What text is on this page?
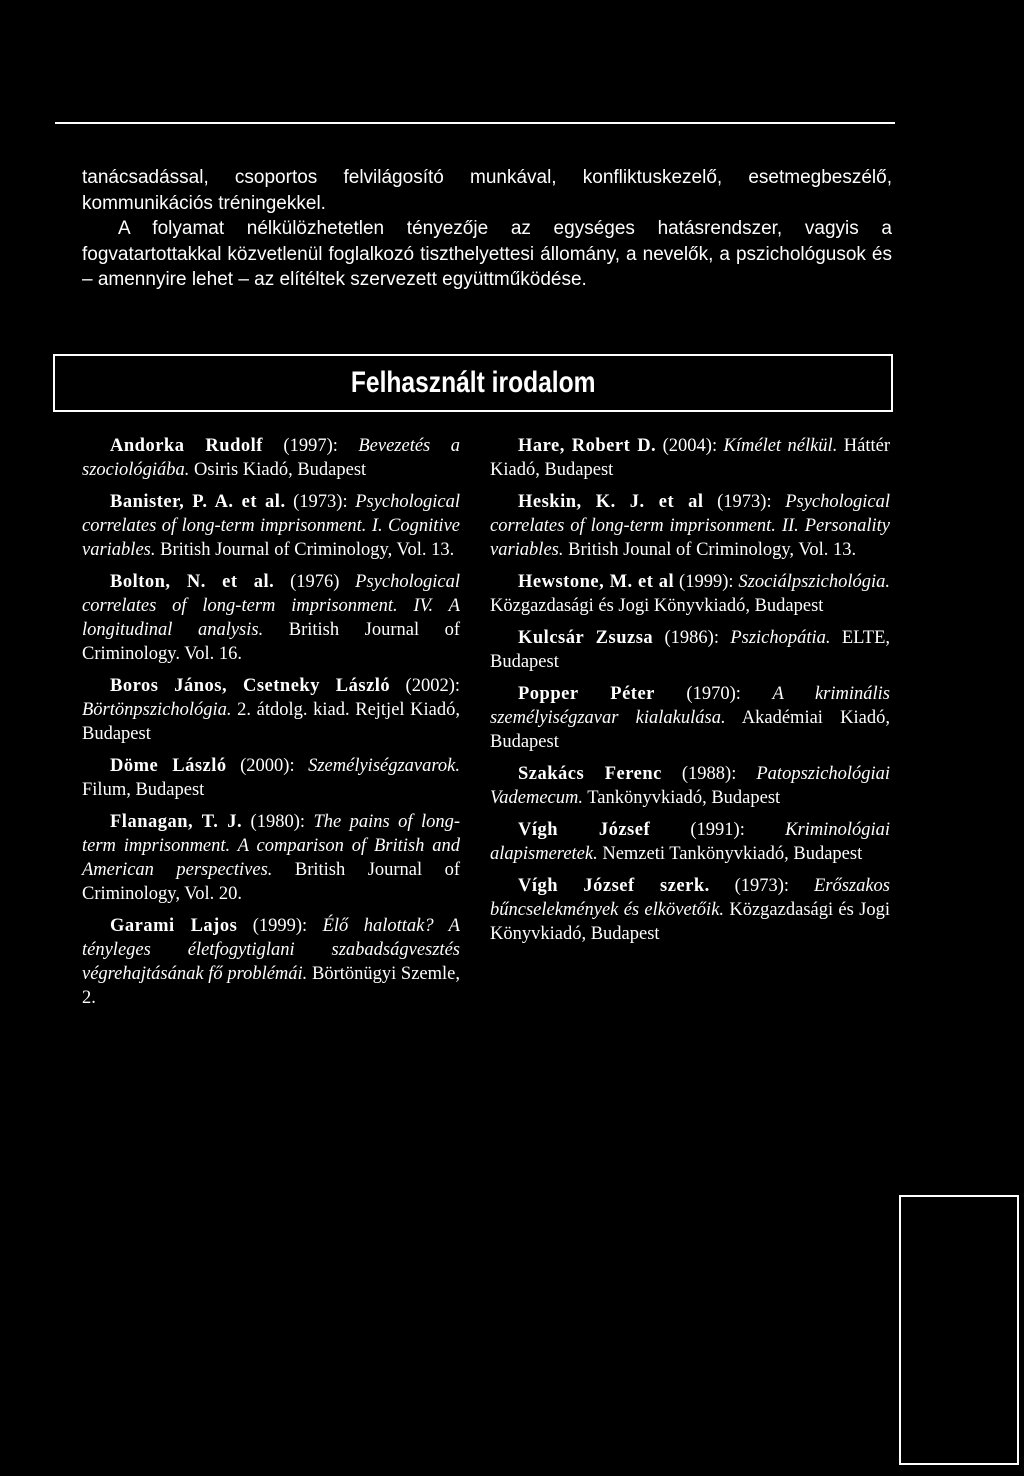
tanácsadással, csoportos felvilágosító munkával, konfliktuskezelő, esetmegbeszélő, kommunikációs tréningekkel.

A folyamat nélkülözhetetlen tényezője az egységes hatásrendszer, vagyis a fogvatartottakkal közvetlenül foglalkozó tiszthelyettesi állomány, a nevelők, a pszichológusok és – amennyire lehet – az elítéltek szervezett együttműködése.

Felhasznált irodalom

Andorka Rudolf (1997): Bevezetés a szociológiába. Osiris Kiadó, Budapest

Banister, P. A. et al. (1973): Psychological correlates of long-term imprisonment. I. Cognitive variables. British Journal of Criminology, Vol. 13.

Bolton, N. et al. (1976) Psychological correlates of long-term imprisonment. IV. A longitudinal analysis. British Journal of Criminology. Vol. 16.

Boros János, Csetneky László (2002): Börtönpszichológia. 2. átdolg. kiad. Rejtjel Kiadó, Budapest

Döme László (2000): Személyiségzavarok. Filum, Budapest

Flanagan, T. J. (1980): The pains of long-term imprisonment. A comparison of British and American perspectives. British Journal of Criminology, Vol. 20.

Garami Lajos (1999): Élő halottak? A tényleges életfogytiglani szabadságvesztés végrehajtásának fő problémái. Börtönügyi Szemle, 2.

Hare, Robert D. (2004): Kímélet nélkül. Háttér Kiadó, Budapest

Heskin, K. J. et al (1973): Psychological correlates of long-term imprisonment. II. Personality variables. British Jounal of Criminology, Vol. 13.

Hewstone, M. et al (1999): Szociálpszichológia. Közgazdasági és Jogi Könyvkiadó, Budapest

Kulcsár Zsuzsa (1986): Pszichopátia. ELTE, Budapest

Popper Péter (1970): A kriminális személyiségzavar kialakulása. Akadémiai Kiadó, Budapest

Szakács Ferenc (1988): Patopszichológiai Vademecum. Tankönyvkiadó, Budapest

Vígh József (1991): Kriminológiai alapismeretek. Nemzeti Tankönyvkiadó, Budapest

Vígh József szerk. (1973): Erőszakos bűncselekmények és elkövetőik. Közgazdasági és Jogi Könyvkiadó, Budapest
